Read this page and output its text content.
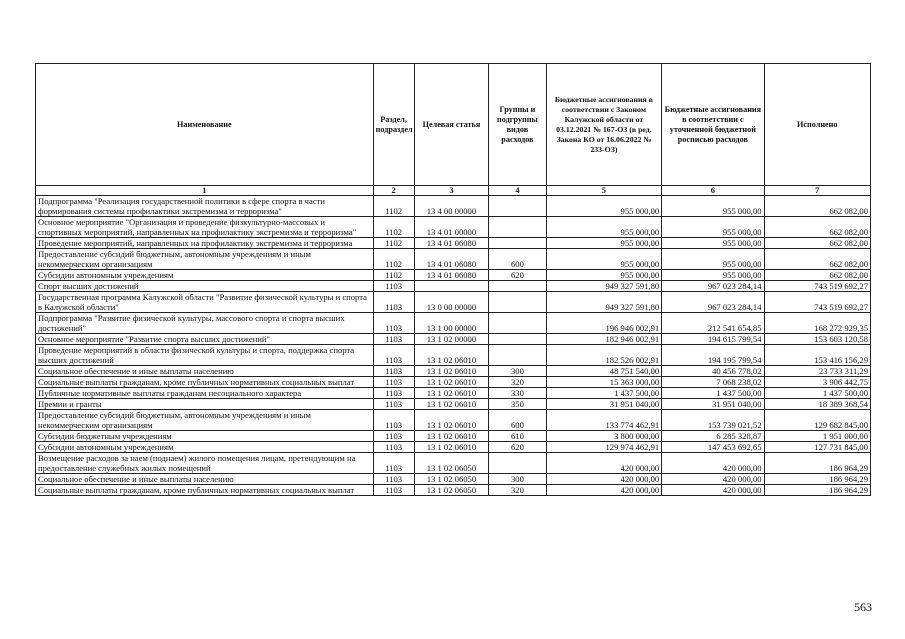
Наименование	Раздел, подраздел	Целевая статья	Группы и подгруппы видов расходов	Бюджетные ассигнования в соответствии с Законом Калужской области от 03.12.2021 № 167-ОЗ (в ред. Закона КО от 16.06.2022 № 233-ОЗ)	Бюджетные ассигнования в соответствии с уточненной бюджетной росписью расходов	Исполнено
1	2	3	4	5	6	7
Подпрограмма "Реализация государственной политики в сфере спорта в части формирования системы профилактики экстремизма и терроризма"	1102	13 4 00 00000		955 000,00	955 000,00	662 082,00
Основное мероприятие "Организация и проведение физкультурно-массовых и спортивных мероприятий, направленных на профилактику экстремизма и терроризма"	1102	13 4 01 00000		955 000,00	955 000,00	662 082,00
Проведение мероприятий, направленных на профилактику экстремизма и терроризма	1102	13 4 01 06080		955 000,00	955 000,00	662 082,00
Предоставление субсидий бюджетным, автономным учреждениям и иным некоммерческим организациям	1102	13 4 01 06080	600	955 000,00	955 000,00	662 082,00
Субсидии автономным учреждениям	1102	13 4 01 06080	620	955 000,00	955 000,00	662 082,00
Спорт высших достижений	1103			949 327 591,80	967 023 284,14	743 519 692,27
Государственная программа Калужской области "Развитие физической культуры и спорта в Калужской области"	1103	13 0 00 00000		949 327 591,80	967 023 284,14	743 519 692,27
Подпрограмма "Развитие физической культуры, массового спорта и спорта высших достижений"	1103	13 1 00 00000		196 946 002,91	212 541 654,85	168 272 929,35
Основное мероприятие "Развитие спорта высших достижений"	1103	13 1 02 00000		182 946 002,91	194 615 799,54	153 603 120,58
Проведение мероприятий в области физической культуры и спорта, поддержка спорта высших достижений	1103	13 1 02 06010		182 526 002,91	194 195 799,54	153 416 156,29
Социальное обеспечение и иные выплаты населению	1103	13 1 02 06010	300	48 751 540,00	40 456 778,02	23 733 311,29
Социальные выплаты гражданам, кроме публичных нормативных социальных выплат	1103	13 1 02 06010	320	15 363 000,00	7 068 238,02	3 906 442,75
Публичные нормативные выплаты гражданам несоциального характера	1103	13 1 02 06010	330	1 437 500,00	1 437 500,00	1 437 500,00
Премии и гранты	1103	13 1 02 06010	350	31 951 040,00	31 951 040,00	18 389 368,54
Предоставление субсидий бюджетным, автономным учреждениям и иным некоммерческим организациям	1103	13 1 02 06010	600	133 774 462,91	153 739 021,52	129 682 845,00
Субсидии бюджетным учреждениям	1103	13 1 02 06010	610	3 800 000,00	6 285 328,87	1 951 000,00
Субсидии автономным учреждениям	1103	13 1 02 06010	620	129 974 462,91	147 453 692,65	127 731 845,00
Возмещение расходов за наем (поднаем) жилого помещения лицам, претендующим на предоставление служебных жилых помещений	1103	13 1 02 06050		420 000,00	420 000,00	186 964,29
Социальное обеспечение и иные выплаты населению	1103	13 1 02 06050	300	420 000,00	420 000,00	186 964,29
Социальные выплаты гражданам, кроме публичных нормативных социальных выплат	1103	13 1 02 06050	320	420 000,00	420 000,00	186 964,29
563
